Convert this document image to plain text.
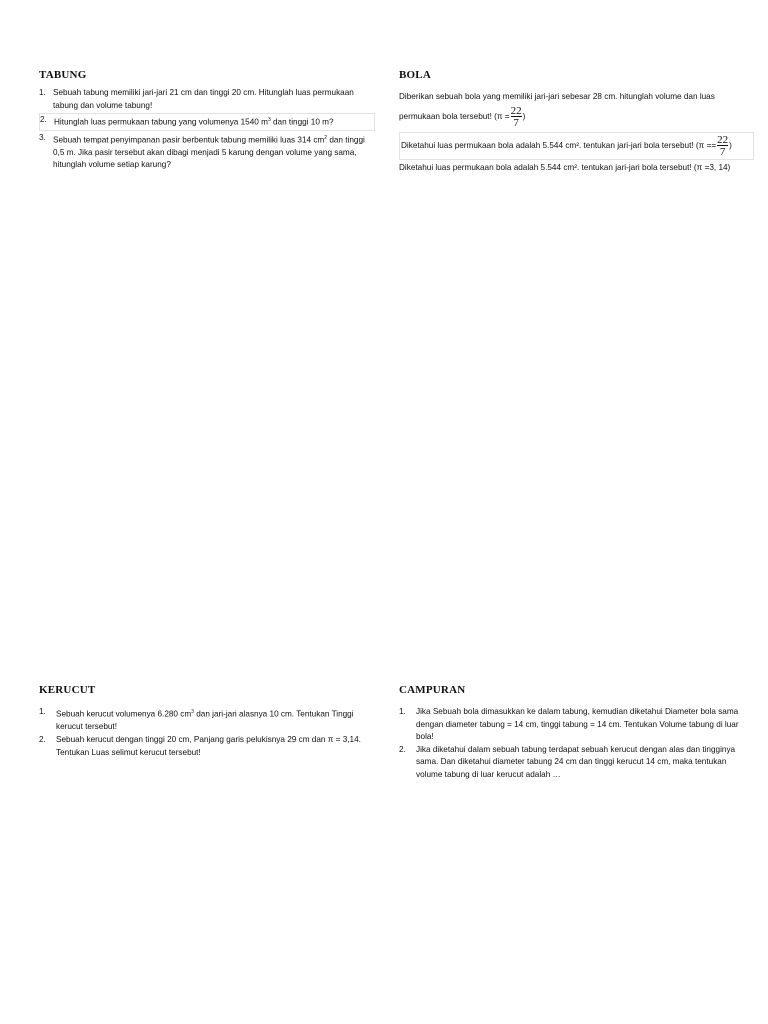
TABUNG
1. Sebuah tabung memiliki jari-jari 21 cm dan tinggi 20 cm. Hitunglah luas permukaan tabung dan volume tabung!
2. Hitunglah luas permukaan tabung yang volumenya 1540 $m^3$ dan tinggi 10 m?
3. Sebuah tempat penyimpanan pasir berbentuk tabung memiliki luas 314 $cm^2$ dan tinggi 0,5 m. Jika pasir tersebut akan dibagi menjadi 5 karung dengan volume yang sama, hitunglah volume setiap karung?
BOLA

Diberikan sebuah bola yang memiliki jari-jari sebesar 28 cm. hitunglah volume dan luas permukaan bola tersebut! ($\pi = \frac{22}{7}$ )

Diketahui luas permukaan bola adalah 5.544 cm². tentukan jari-jari bola tersebut! ($\pi == \frac{22}{7}$ )

Diketahui luas permukaan bola adalah 5.544 cm². tentukan jari-jari bola tersebut! (π =3, 14)

KERUCUT
1. Sebuah kerucut volumenya 6.280 $cm^3$ dan jari-jari alasnya 10 cm. Tentukan Tinggi kerucut tersebut!
2. Sebuah kerucut dengan tinggi 20 cm, Panjang garis pelukisnya 29 cm dan π = 3,14. Tentukan Luas selimut kerucut tersebut!
CAMPURAN
1. Jika Sebuah bola dimasukkan ke dalam tabung, kemudian diketahui Diameter bola sama dengan diameter tabung = 14 cm, tinggi tabung = 14 cm. Tentukan Volume tabung di luar bola!
2. Jika diketahui dalam sebuah tabung terdapat sebuah kerucut dengan alas dan tingginya sama. Dan diketahui diameter tabung 24 cm dan tinggi kerucut 14 cm, maka tentukan volume tabung di luar kerucut adalah …
